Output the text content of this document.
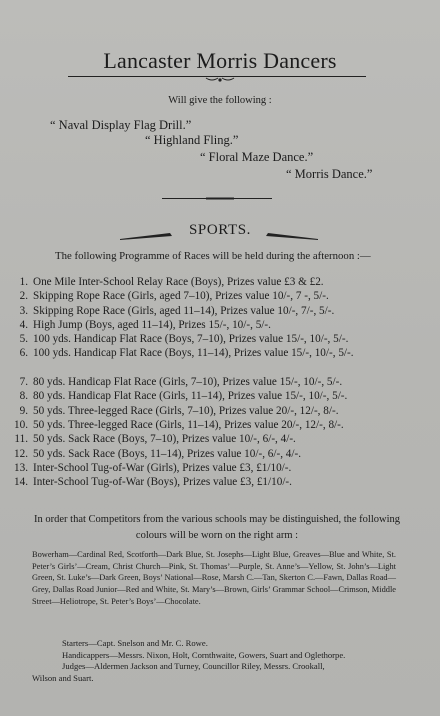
Lancaster Morris Dancers
Will give the following :
“ Naval Display Flag Drill.”
“ Highland Fling.”
“ Floral Maze Dance.”
“ Morris Dance.”
SPORTS.
The following Programme of Races will be held during the afternoon :—
1. One Mile Inter-School Relay Race (Boys), Prizes value £3 & £2.
2. Skipping Rope Race (Girls, aged 7–10), Prizes value 10/-, 7 -, 5/-.
3. Skipping Rope Race (Girls, aged 11–14), Prizes value 10/-, 7/-, 5/-.
4. High Jump (Boys, aged 11–14), Prizes 15/-, 10/-, 5/-.
5. 100 yds. Handicap Flat Race (Boys, 7–10), Prizes value 15/-, 10/-, 5/-.
6. 100 yds. Handicap Flat Race (Boys, 11–14), Prizes value 15/-, 10/-, 5/-.
7. 80 yds. Handicap Flat Race (Girls, 7–10), Prizes value 15/-, 10/-, 5/-.
8. 80 yds. Handicap Flat Race (Girls, 11–14), Prizes value 15/-, 10/-, 5/-.
9. 50 yds. Three-legged Race (Girls, 7–10), Prizes value 20/-, 12/-, 8/-.
10. 50 yds. Three-legged Race (Girls, 11–14), Prizes value 20/-, 12/-, 8/-.
11. 50 yds. Sack Race (Boys, 7–10), Prizes value 10/-, 6/-, 4/-.
12. 50 yds. Sack Race (Boys, 11–14), Prizes value 10/-, 6/-, 4/-.
13. Inter-School Tug-of-War (Girls), Prizes value £3, £1/10/-.
14. Inter-School Tug-of-War (Boys), Prizes value £3, £1/10/-.
In order that Competitors from the various schools may be distinguished, the following colours will be worn on the right arm :
Bowerham—Cardinal Red, Scotforth—Dark Blue, St. Josephs—Light Blue, Greaves—Blue and White, St. Peter’s Girls’—Cream, Christ Church—Pink, St. Thomas’—Purple, St. Anne’s—Yellow, St. John’s—Light Green, St. Luke’s—Dark Green, Boys’ National—Rose, Marsh C.—Tan, Skerton C.—Fawn, Dallas Road—Grey, Dallas Road Junior—Red and White, St. Mary’s—Brown, Girls’ Grammar School—Crimson, Middle Street—Heliotrope, St. Peter’s Boys’—Chocolate.
Starters—Capt. Snelson and Mr. C. Rowe.
Handicappers—Messrs. Nixon, Holt, Cornthwaite, Gowers, Suart and Oglethorpe.
Judges—Aldermen Jackson and Turney, Councillor Riley, Messrs. Crookall,
Wilson and Suart.
